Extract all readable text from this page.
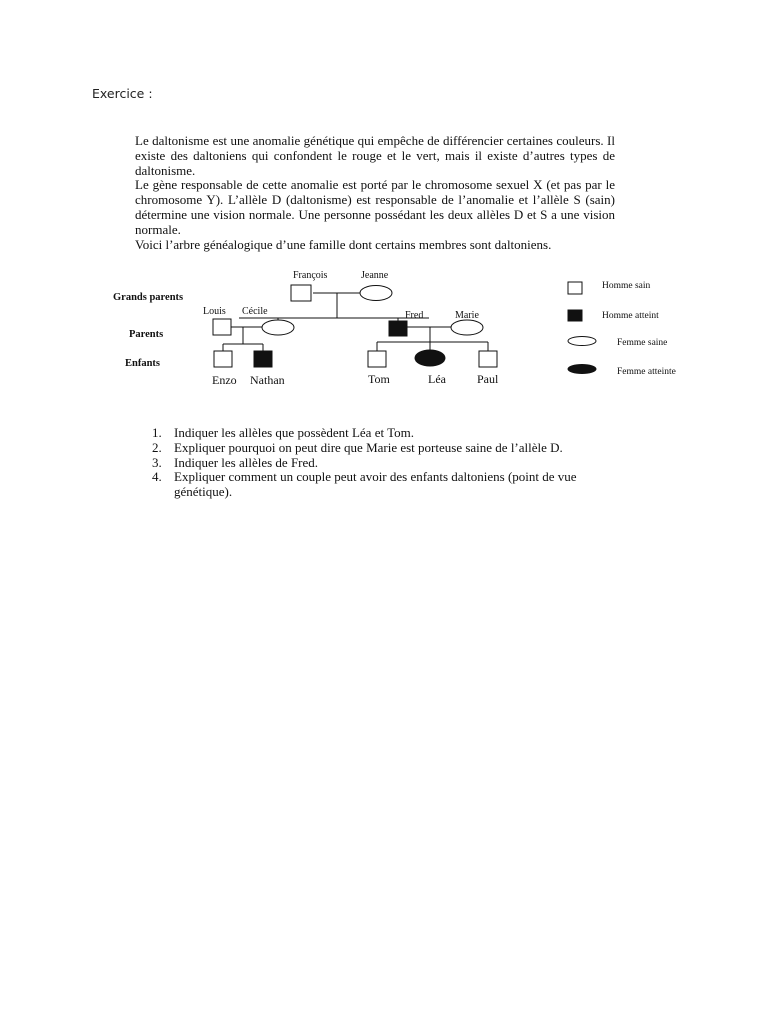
Exercice :

Le daltonisme est une anomalie génétique qui empêche de différencier certaines couleurs. Il existe des daltoniens qui confondent le rouge et le vert, mais il existe d’autres types de daltonisme.

Le gène responsable de cette anomalie est porté par le chromosome sexuel X (et pas par le chromosome Y). L’allèle D (daltonisme) est responsable de l’anomalie et l’allèle S (sain) détermine une vision normale. Une personne possédant les deux allèles D et S a une vision normale.

Voici l’arbre généalogique d’une famille dont certains membres sont daltoniens.

Grands parents
Parents
Enfants
François	Jeanne
Louis Cécile	Fred	Marie
Enzo Nathan	Tom	Léa	Paul
Homme sain
Homme atteint
Femme saine
Femme atteinte
1. Indiquer les allèles que possèdent Léa et Tom.
2. Expliquer pourquoi on peut dire que Marie est porteuse saine de l’allèle D.
3. Indiquer les allèles de Fred.
4. Expliquer comment un couple peut avoir des enfants daltoniens (point de vue génétique).
